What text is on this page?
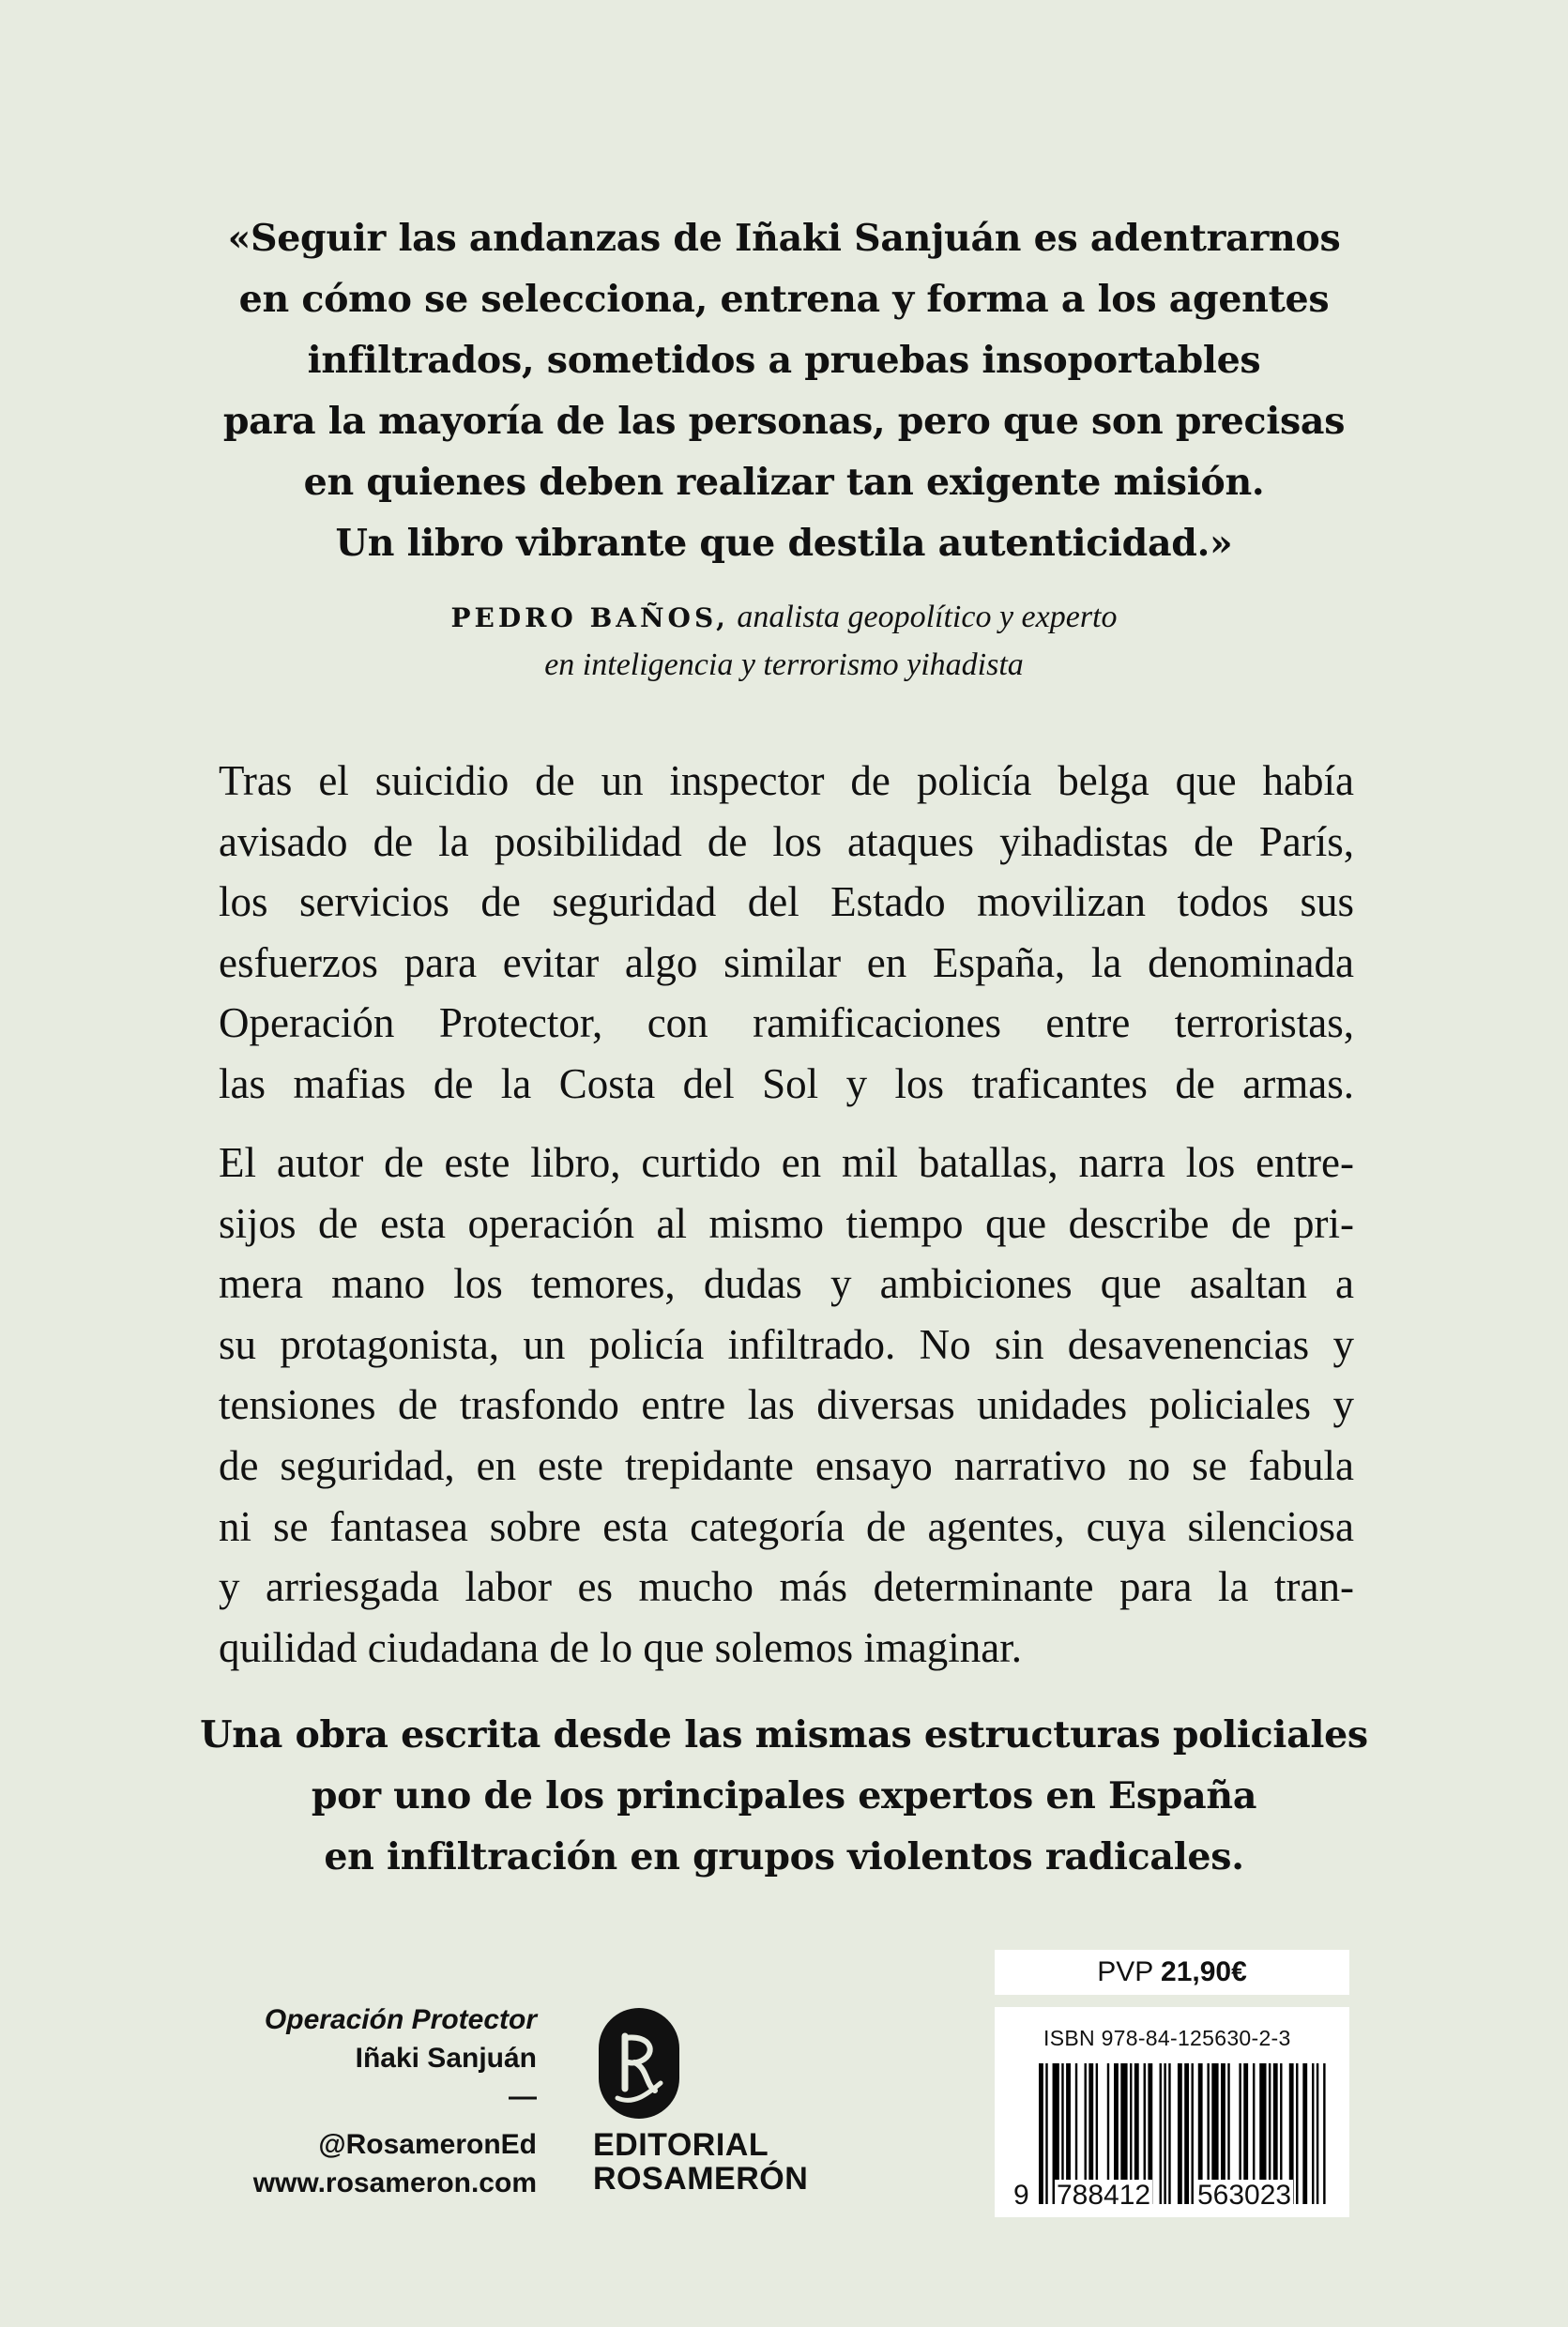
«Seguir las andanzas de Iñaki Sanjuán es adentrarnos
en cómo se selecciona, entrena y forma a los agentes
infiltrados, sometidos a pruebas insoportables
para la mayoría de las personas, pero que son precisas
en quienes deben realizar tan exigente misión.
Un libro vibrante que destila autenticidad.»
PEDRO BAÑOS, analista geopolítico y experto
en inteligencia y terrorismo yihadista
Tras el suicidio de un inspector de policía belga que había
avisado de la posibilidad de los ataques yihadistas de París,
los servicios de seguridad del Estado movilizan todos sus
esfuerzos para evitar algo similar en España, la denominada
Operación Protector, con ramificaciones entre terroristas,
las mafias de la Costa del Sol y los traficantes de armas.
El autor de este libro, curtido en mil batallas, narra los entre-
sijos de esta operación al mismo tiempo que describe de pri-
mera mano los temores, dudas y ambiciones que asaltan a
su protagonista, un policía infiltrado. No sin desavenencias y
tensiones de trasfondo entre las diversas unidades policiales y
de seguridad, en este trepidante ensayo narrativo no se fabula
ni se fantasea sobre esta categoría de agentes, cuya silenciosa
y arriesgada labor es mucho más determinante para la tran-
quilidad ciudadana de lo que solemos imaginar.
Una obra escrita desde las mismas estructuras policiales
por uno de los principales expertos en España
en infiltración en grupos violentos radicales.
Operación Protector
Iñaki Sanjuán
—
@RosameronEd
www.rosameron.com
EDITORIAL
ROSAMERÓN
PVP 21,90€
ISBN 978-84-125630-2-3
9 788412 563023
